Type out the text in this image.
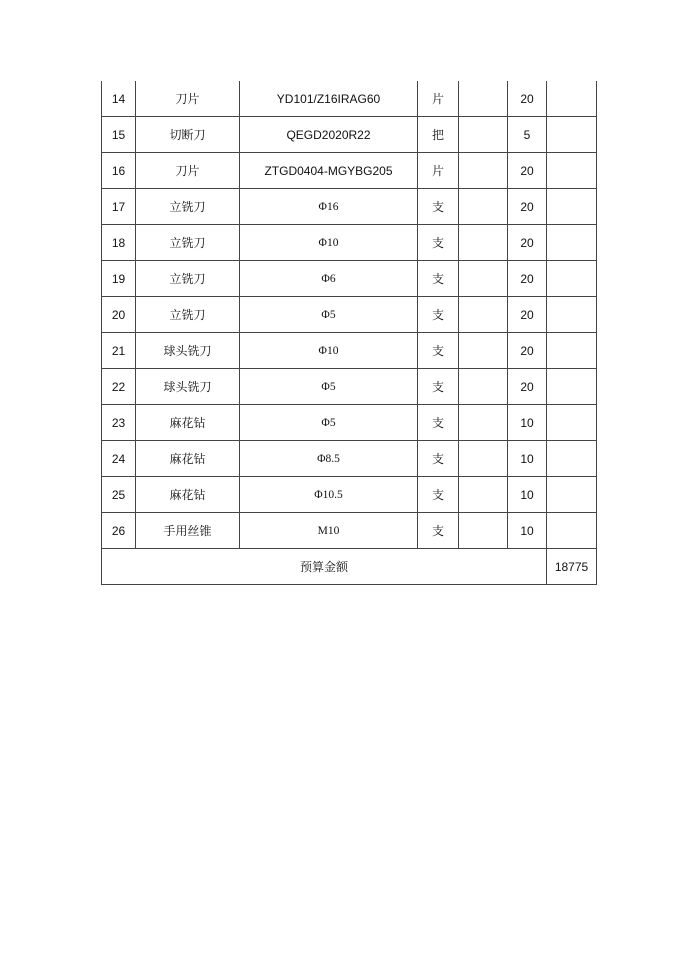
14	刀片	YD101/Z16IRAG60	片		20	
15	切断刀	QEGD2020R22	把		5	
16	刀片	ZTGD0404-MGYBG205	片		20	
17	立铣刀	Φ16	支		20	
18	立铣刀	Φ10	支		20	
19	立铣刀	Φ6	支		20	
20	立铣刀	Φ5	支		20	
21	球头铣刀	Φ10	支		20	
22	球头铣刀	Φ5	支		20	
23	麻花钻	Φ5	支		10	
24	麻花钻	Φ8.5	支		10	
25	麻花钻	Φ10.5	支		10	
26	手用丝锥	M10	支		10	
预算金额						18775
